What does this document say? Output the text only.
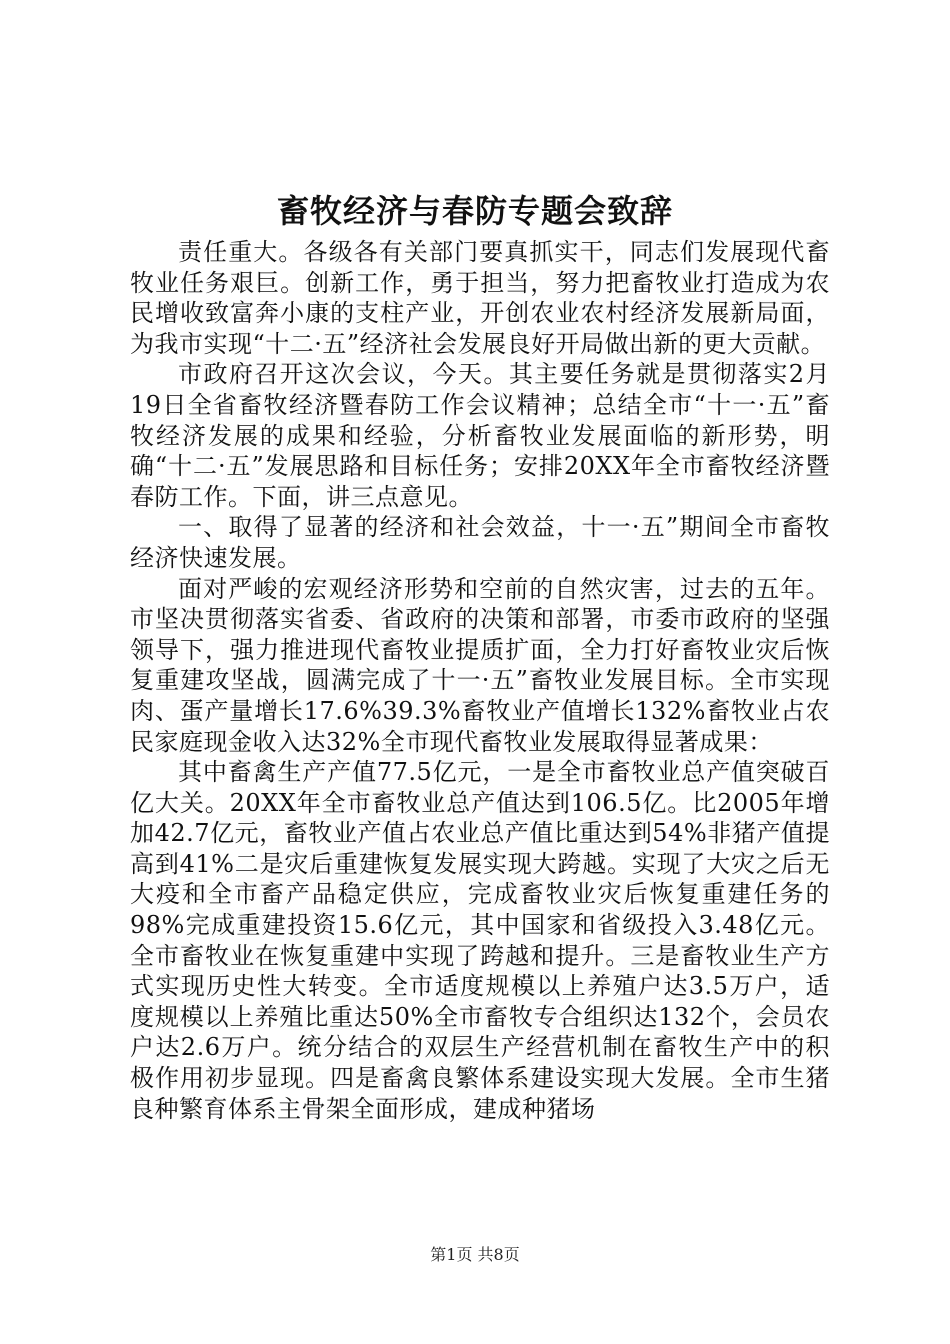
畜牧经济与春防专题会致辞

责任重大。各级各有关部门要真抓实干，同志们发展现代畜牧业任务艰巨。创新工作，勇于担当，努力把畜牧业打造成为农民增收致富奔小康的支柱产业，开创农业农村经济发展新局面，为我市实现“十二·五”经济社会发展良好开局做出新的更大贡献。

市政府召开这次会议，今天。其主要任务就是贯彻落实2月19日全省畜牧经济暨春防工作会议精神；总结全市“十一·五”畜牧经济发展的成果和经验，分析畜牧业发展面临的新形势，明确“十二·五”发展思路和目标任务；安排20XX年全市畜牧经济暨春防工作。下面，讲三点意见。

一、取得了显著的经济和社会效益，十一·五”期间全市畜牧经济快速发展。

面对严峻的宏观经济形势和空前的自然灾害，过去的五年。市坚决贯彻落实省委、省政府的决策和部署，市委市政府的坚强领导下，强力推进现代畜牧业提质扩面，全力打好畜牧业灾后恢复重建攻坚战，圆满完成了十一·五”畜牧业发展目标。全市实现肉、蛋产量增长17.6%39.3%畜牧业产值增长132%畜牧业占农民家庭现金收入达32%全市现代畜牧业发展取得显著成果：

其中畜禽生产产值77.5亿元，一是全市畜牧业总产值突破百亿大关。20XX年全市畜牧业总产值达到106.5亿。比2005年增加42.7亿元，畜牧业产值占农业总产值比重达到54%非猪产值提高到41%二是灾后重建恢复发展实现大跨越。实现了大灾之后无大疫和全市畜产品稳定供应，完成畜牧业灾后恢复重建任务的98%完成重建投资15.6亿元，其中国家和省级投入3.48亿元。全市畜牧业在恢复重建中实现了跨越和提升。三是畜牧业生产方式实现历史性大转变。全市适度规模以上养殖户达3.5万户，适度规模以上养殖比重达50%全市畜牧专合组织达132个，会员农户达2.6万户。统分结合的双层生产经营机制在畜牧生产中的积极作用初步显现。四是畜禽良繁体系建设实现大发展。全市生猪良种繁育体系主骨架全面形成，建成种猪场

第1页 共8页
